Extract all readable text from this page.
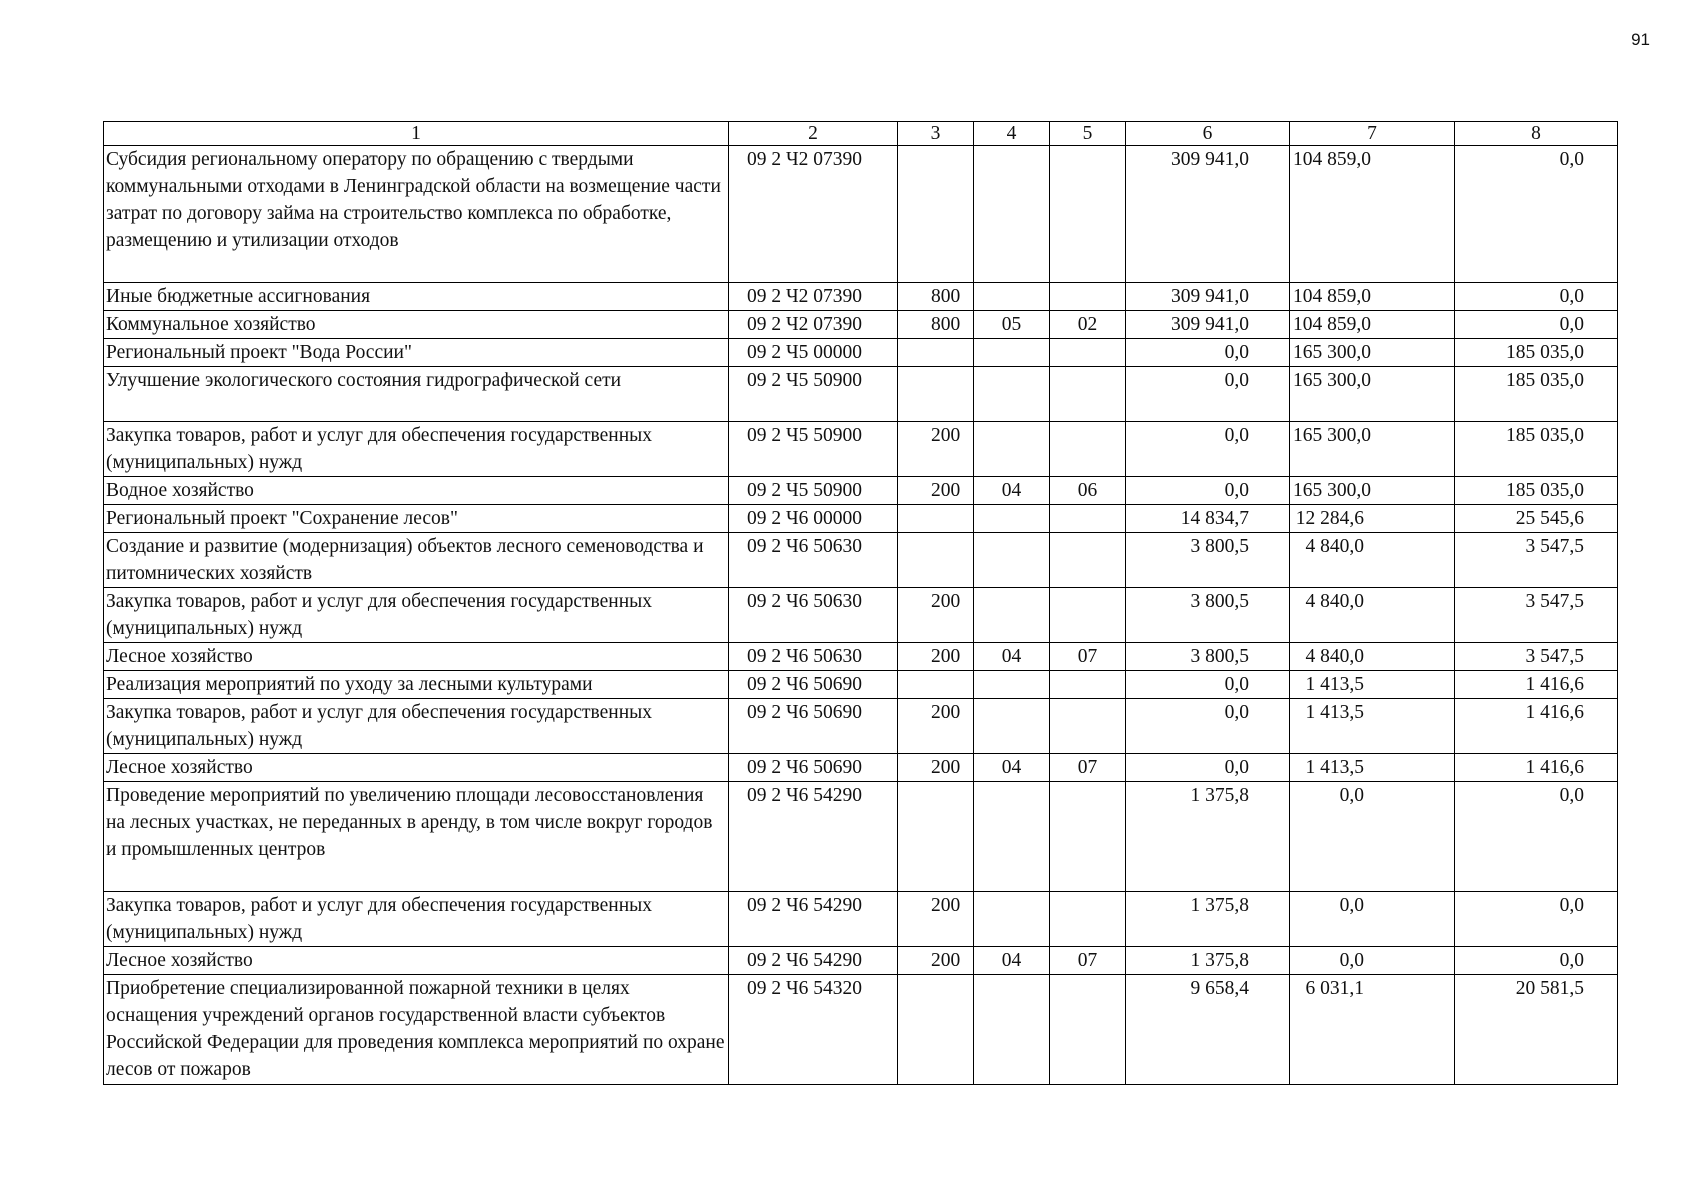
91
1	2	3	4	5	6	7	8
Субсидия региональному оператору по обращению с твердыми коммунальными отходами в Ленинградской области на возмещение части затрат по договору займа на строительство комплекса по обработке, размещению и утилизации отходов	09 2 Ч2 07390				309 941,0	104 859,0	0,0
Иные бюджетные ассигнования	09 2 Ч2 07390	800			309 941,0	104 859,0	0,0
Коммунальное хозяйство	09 2 Ч2 07390	800	05	02	309 941,0	104 859,0	0,0
Региональный проект "Вода России"	09 2 Ч5 00000				0,0	165 300,0	185 035,0
Улучшение экологического состояния гидрографической сети	09 2 Ч5 50900				0,0	165 300,0	185 035,0
Закупка товаров, работ и услуг для обеспечения государственных (муниципальных) нужд	09 2 Ч5 50900	200			0,0	165 300,0	185 035,0
Водное хозяйство	09 2 Ч5 50900	200	04	06	0,0	165 300,0	185 035,0
Региональный проект "Сохранение лесов"	09 2 Ч6 00000				14 834,7	12 284,6	25 545,6
Создание и развитие (модернизация) объектов лесного семеноводства и питомнических хозяйств	09 2 Ч6 50630				3 800,5	4 840,0	3 547,5
Закупка товаров, работ и услуг для обеспечения государственных (муниципальных) нужд	09 2 Ч6 50630	200			3 800,5	4 840,0	3 547,5
Лесное хозяйство	09 2 Ч6 50630	200	04	07	3 800,5	4 840,0	3 547,5
Реализация мероприятий по уходу за лесными культурами	09 2 Ч6 50690				0,0	1 413,5	1 416,6
Закупка товаров, работ и услуг для обеспечения государственных (муниципальных) нужд	09 2 Ч6 50690	200			0,0	1 413,5	1 416,6
Лесное хозяйство	09 2 Ч6 50690	200	04	07	0,0	1 413,5	1 416,6
Проведение мероприятий по увеличению площади лесовосстановления на лесных участках, не переданных в аренду, в том числе вокруг городов и промышленных центров	09 2 Ч6 54290				1 375,8	0,0	0,0
Закупка товаров, работ и услуг для обеспечения государственных (муниципальных) нужд	09 2 Ч6 54290	200			1 375,8	0,0	0,0
Лесное хозяйство	09 2 Ч6 54290	200	04	07	1 375,8	0,0	0,0
Приобретение специализированной пожарной техники в целях оснащения учреждений органов государственной власти субъектов Российской Федерации для проведения комплекса мероприятий по охране лесов от пожаров	09 2 Ч6 54320				9 658,4	6 031,1	20 581,5
